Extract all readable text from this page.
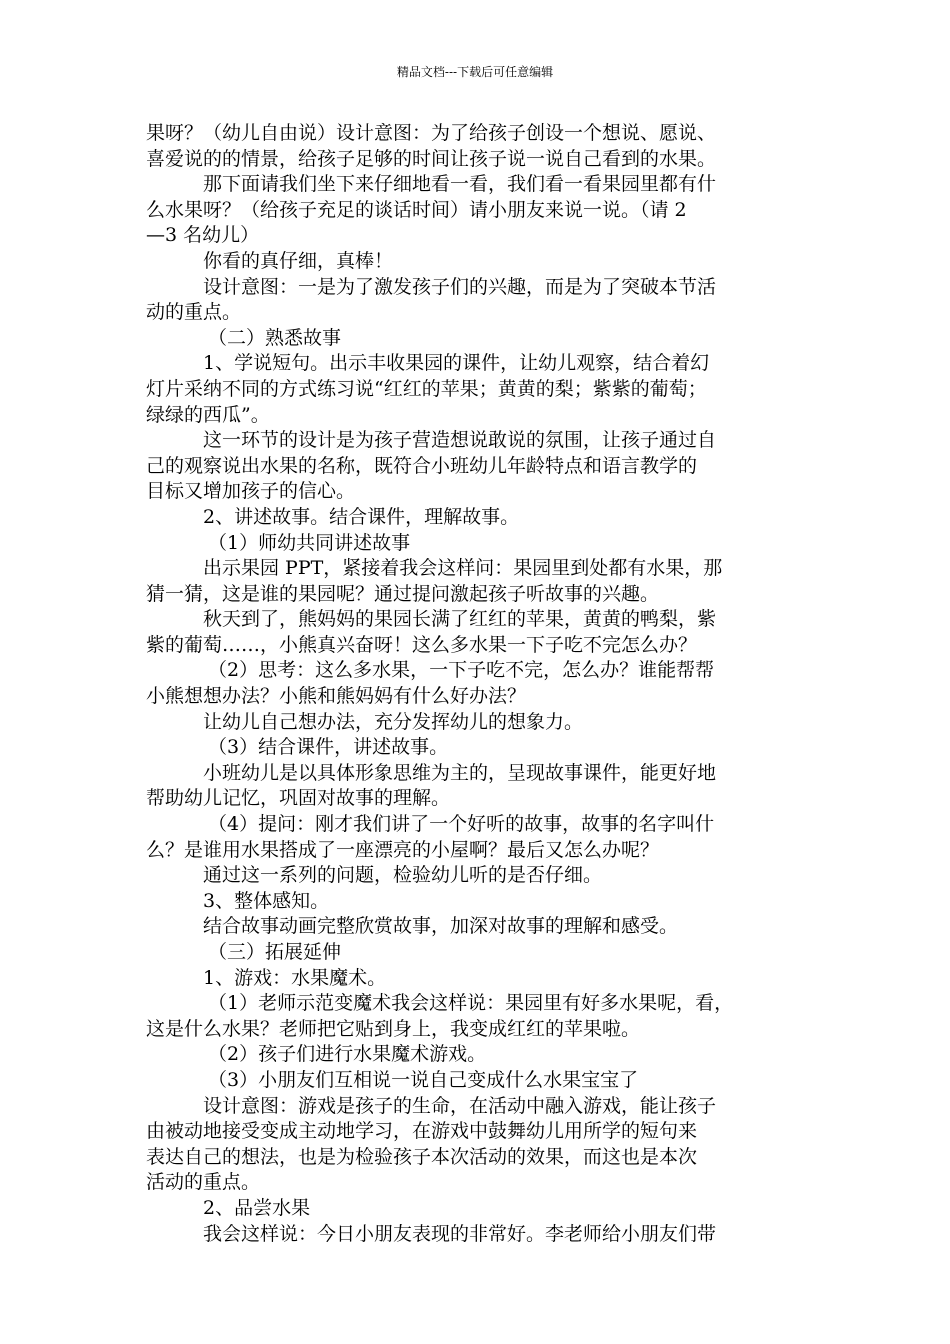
精品文档---下载后可任意编辑

果呀？（幼儿自由说）设计意图：为了给孩子创设一个想说、愿说、

喜爱说的的情景，给孩子足够的时间让孩子说一说自己看到的水果。

那下面请我们坐下来仔细地看一看，我们看一看果园里都有什

么水果呀？（给孩子充足的谈话时间）请小朋友来说一说。（请 2

—3 名幼儿）

你看的真仔细，真棒！

设计意图：一是为了激发孩子们的兴趣，而是为了突破本节活

动的重点。

（二）熟悉故事

1、学说短句。出示丰收果园的课件，让幼儿观察，结合着幻

灯片采纳不同的方式练习说“红红的苹果；黄黄的梨；紫紫的葡萄；

绿绿的西瓜”。

这一环节的设计是为孩子营造想说敢说的氛围，让孩子通过自

己的观察说出水果的名称，既符合小班幼儿年龄特点和语言教学的

目标又增加孩子的信心。

2、讲述故事。结合课件，理解故事。

（1）师幼共同讲述故事

出示果园 PPT，紧接着我会这样问：果园里到处都有水果，那

猜一猜，这是谁的果园呢？通过提问激起孩子听故事的兴趣。

秋天到了，熊妈妈的果园长满了红红的苹果，黄黄的鸭梨，紫

紫的葡萄……，小熊真兴奋呀！这么多水果一下子吃不完怎么办？

（2）思考：这么多水果，一下子吃不完，怎么办？谁能帮帮

小熊想想办法？小熊和熊妈妈有什么好办法？

让幼儿自己想办法，充分发挥幼儿的想象力。

（3）结合课件，讲述故事。

小班幼儿是以具体形象思维为主的，呈现故事课件，能更好地

帮助幼儿记忆，巩固对故事的理解。

（4）提问：刚才我们讲了一个好听的故事，故事的名字叫什

么？是谁用水果搭成了一座漂亮的小屋啊？最后又怎么办呢？

通过这一系列的问题，检验幼儿听的是否仔细。

3、整体感知。

结合故事动画完整欣赏故事，加深对故事的理解和感受。

（三）拓展延伸

1、游戏：水果魔术。

（1）老师示范变魔术我会这样说：果园里有好多水果呢，看，

这是什么水果？老师把它贴到身上，我变成红红的苹果啦。

（2）孩子们进行水果魔术游戏。

（3）小朋友们互相说一说自己变成什么水果宝宝了

设计意图：游戏是孩子的生命，在活动中融入游戏，能让孩子

由被动地接受变成主动地学习，在游戏中鼓舞幼儿用所学的短句来

表达自己的想法，也是为检验孩子本次活动的效果，而这也是本次

活动的重点。

2、品尝水果

我会这样说：今日小朋友表现的非常好。李老师给小朋友们带
